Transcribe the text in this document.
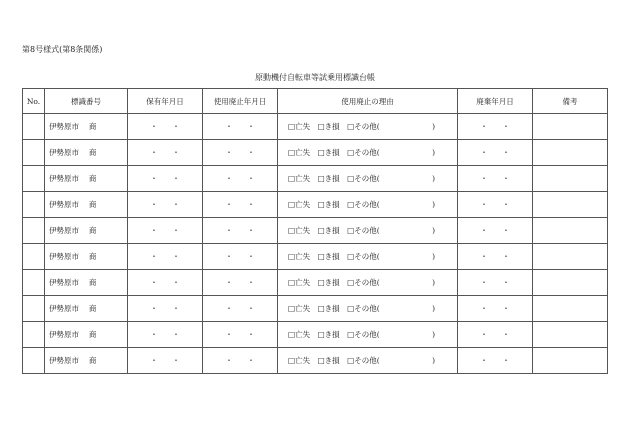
第8号様式(第8条関係)
原動機付自転車等試乗用標識台帳
No.	標識番号	保有年月日	使用廃止年月日	使用廃止の理由	廃棄年月日	備考
	伊勢原市　 商	・ ・	・ ・	□亡失　□き損　□その他(　　　　　　　)	・ ・	
	伊勢原市　 商	・ ・	・ ・	□亡失　□き損　□その他(　　　　　　　)	・ ・	
	伊勢原市　 商	・ ・	・ ・	□亡失　□き損　□その他(　　　　　　　)	・ ・	
	伊勢原市　 商	・ ・	・ ・	□亡失　□き損　□その他(　　　　　　　)	・ ・	
	伊勢原市　 商	・ ・	・ ・	□亡失　□き損　□その他(　　　　　　　)	・ ・	
	伊勢原市　 商	・ ・	・ ・	□亡失　□き損　□その他(　　　　　　　)	・ ・	
	伊勢原市　 商	・ ・	・ ・	□亡失　□き損　□その他(　　　　　　　)	・ ・	
	伊勢原市　 商	・ ・	・ ・	□亡失　□き損　□その他(　　　　　　　)	・ ・	
	伊勢原市　 商	・ ・	・ ・	□亡失　□き損　□その他(　　　　　　　)	・ ・	
	伊勢原市　 商	・ ・	・ ・	□亡失　□き損　□その他(　　　　　　　)	・ ・	
